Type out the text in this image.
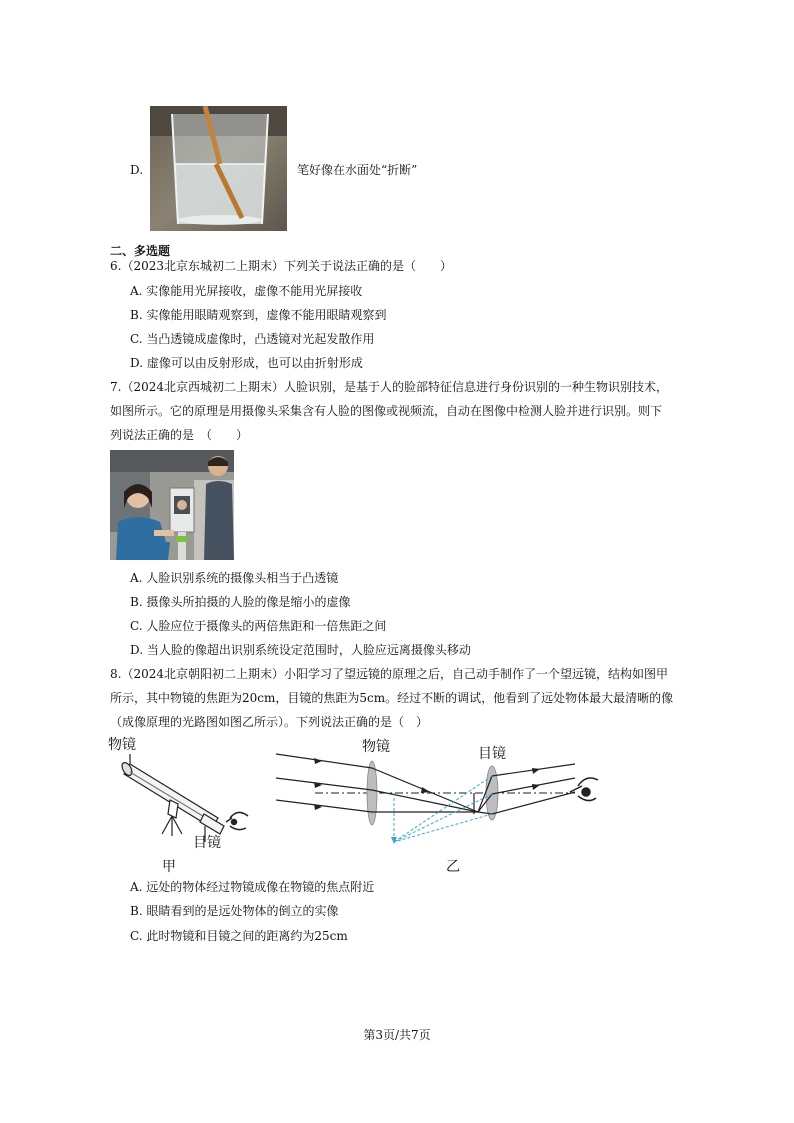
D.	笔好像在水面处“折断”
二、多选题
6.（2023北京东城初二上期末）下列关于说法正确的是（　　）
A. 实像能用光屏接收，虚像不能用光屏接收
B. 实像能用眼睛观察到，虚像不能用眼睛观察到
C. 当凸透镜成虚像时，凸透镜对光起发散作用
D. 虚像可以由反射形成，也可以由折射形成
7.（2024北京西城初二上期末）人脸识别，是基于人的脸部特征信息进行身份识别的一种生物识别技术，
如图所示。它的原理是用摄像头采集含有人脸的图像或视频流，自动在图像中检测人脸并进行识别。则下
列说法正确的是　（　　）
A. 人脸识别系统的摄像头相当于凸透镜
B. 摄像头所拍摄的人脸的像是缩小的虚像
C. 人脸应位于摄像头的两倍焦距和一倍焦距之间
D. 当人脸的像超出识别系统设定范围时，人脸应远离摄像头移动
8.（2024北京朝阳初二上期末）小阳学习了望远镜的原理之后，自己动手制作了一个望远镜，结构如图甲
所示，其中物镜的焦距为20cm，目镜的焦距为5cm。经过不断的调试，他看到了远处物体最大最清晰的像
（成像原理的光路图如图乙所示）。下列说法正确的是（　）
物镜
目镜
甲
物镜	目镜
乙
A. 远处的物体经过物镜成像在物镜的焦点附近
B. 眼睛看到的是远处物体的倒立的实像
C. 此时物镜和目镜之间的距离约为25cm
第3页/共7页
